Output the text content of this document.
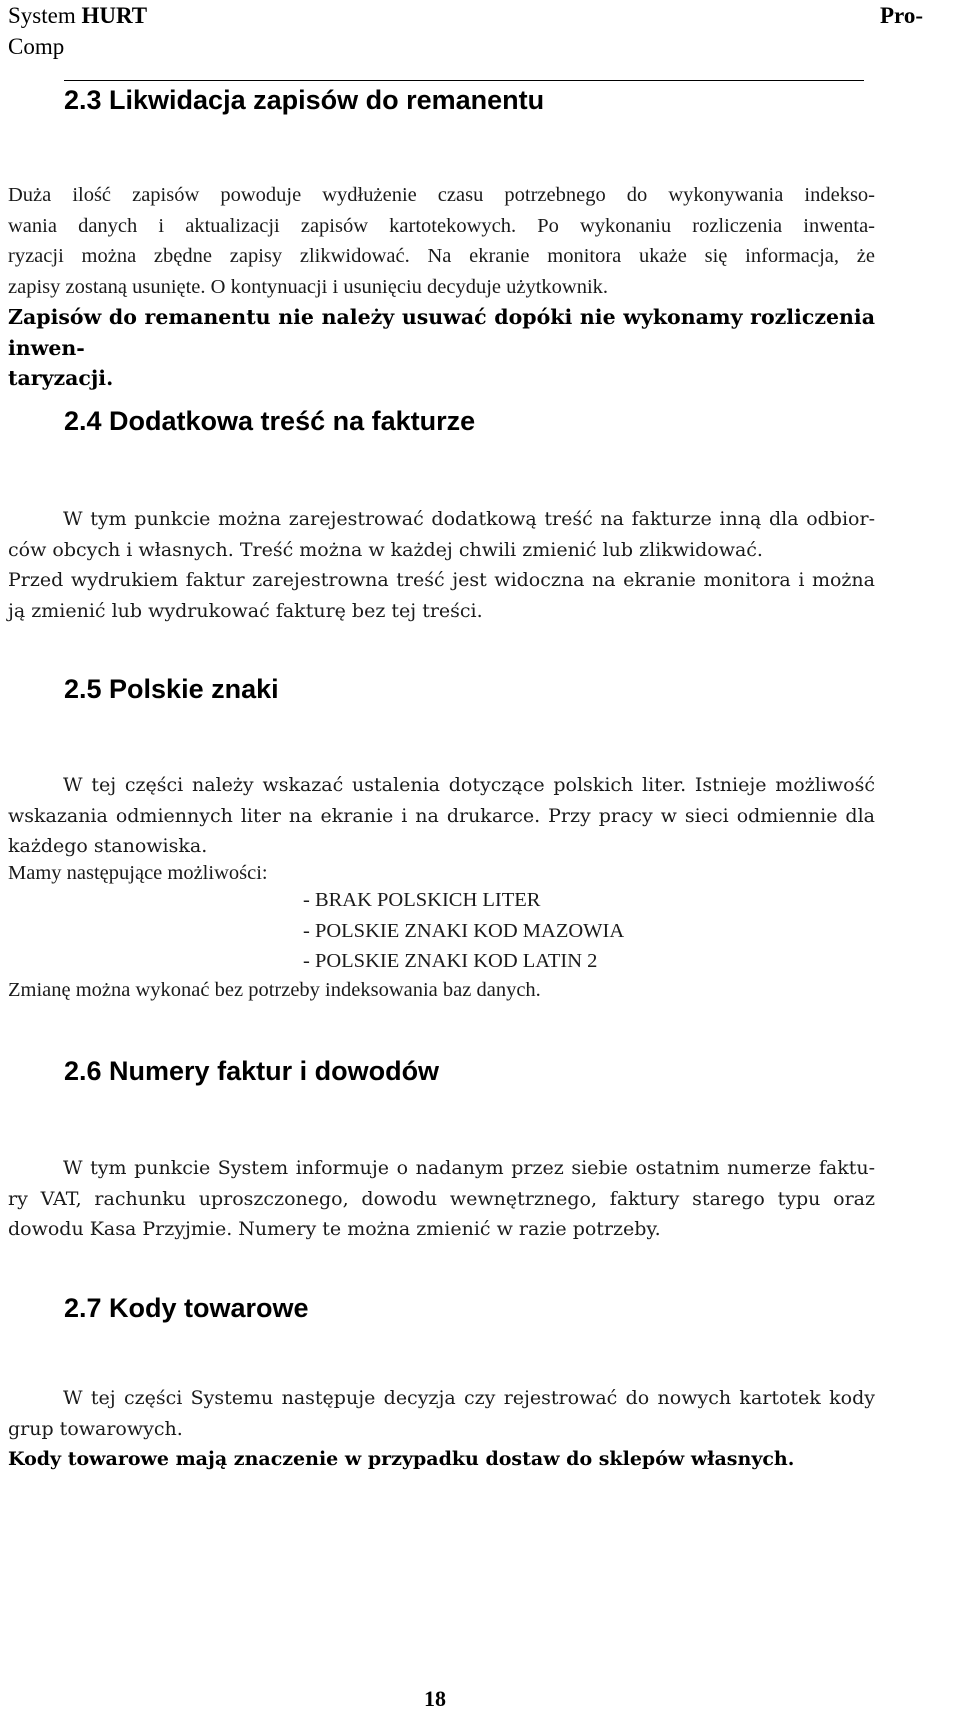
System HURT
Comp
Pro-
2.3 Likwidacja zapisów do remanentu
Duża ilość zapisów powoduje wydłużenie czasu potrzebnego do wykonywania indekso-
wania danych i aktualizacji zapisów kartotekowych. Po wykonaniu rozliczenia inwenta-
ryzacji można zbędne zapisy zlikwidować. Na ekranie monitora ukaże się informacja, że
zapisy zostaną usunięte. O kontynuacji i usunięciu decyduje użytkownik.
Zapisów do remanentu nie należy usuwać dopóki nie wykonamy rozliczenia inwen-
taryzacji.
2.4 Dodatkowa treść na fakturze
W tym punkcie można zarejestrować dodatkową treść na fakturze inną dla odbior-
ców obcych i własnych. Treść można w każdej chwili zmienić lub zlikwidować.
Przed wydrukiem faktur zarejestrowna treść jest widoczna na ekranie monitora i można
ją zmienić lub wydrukować fakturę bez tej treści.
2.5 Polskie znaki
W tej części należy wskazać ustalenia dotyczące polskich liter. Istnieje możliwość
wskazania odmiennych liter na ekranie i na drukarce. Przy pracy w sieci odmiennie dla
każdego stanowiska.
Mamy następujące możliwości:
- BRAK POLSKICH LITER
- POLSKIE ZNAKI KOD MAZOWIA
- POLSKIE ZNAKI KOD LATIN 2
Zmianę można wykonać bez potrzeby indeksowania baz danych.
2.6 Numery faktur i dowodów
W tym punkcie System informuje o nadanym przez siebie ostatnim numerze faktu-
ry VAT, rachunku uproszczonego, dowodu wewnętrznego, faktury starego typu oraz
dowodu Kasa Przyjmie. Numery te można zmienić w razie potrzeby.
2.7 Kody towarowe
W tej części Systemu następuje decyzja czy rejestrować do nowych kartotek kody
grup towarowych.
Kody towarowe mają znaczenie w przypadku dostaw do sklepów własnych.
18
